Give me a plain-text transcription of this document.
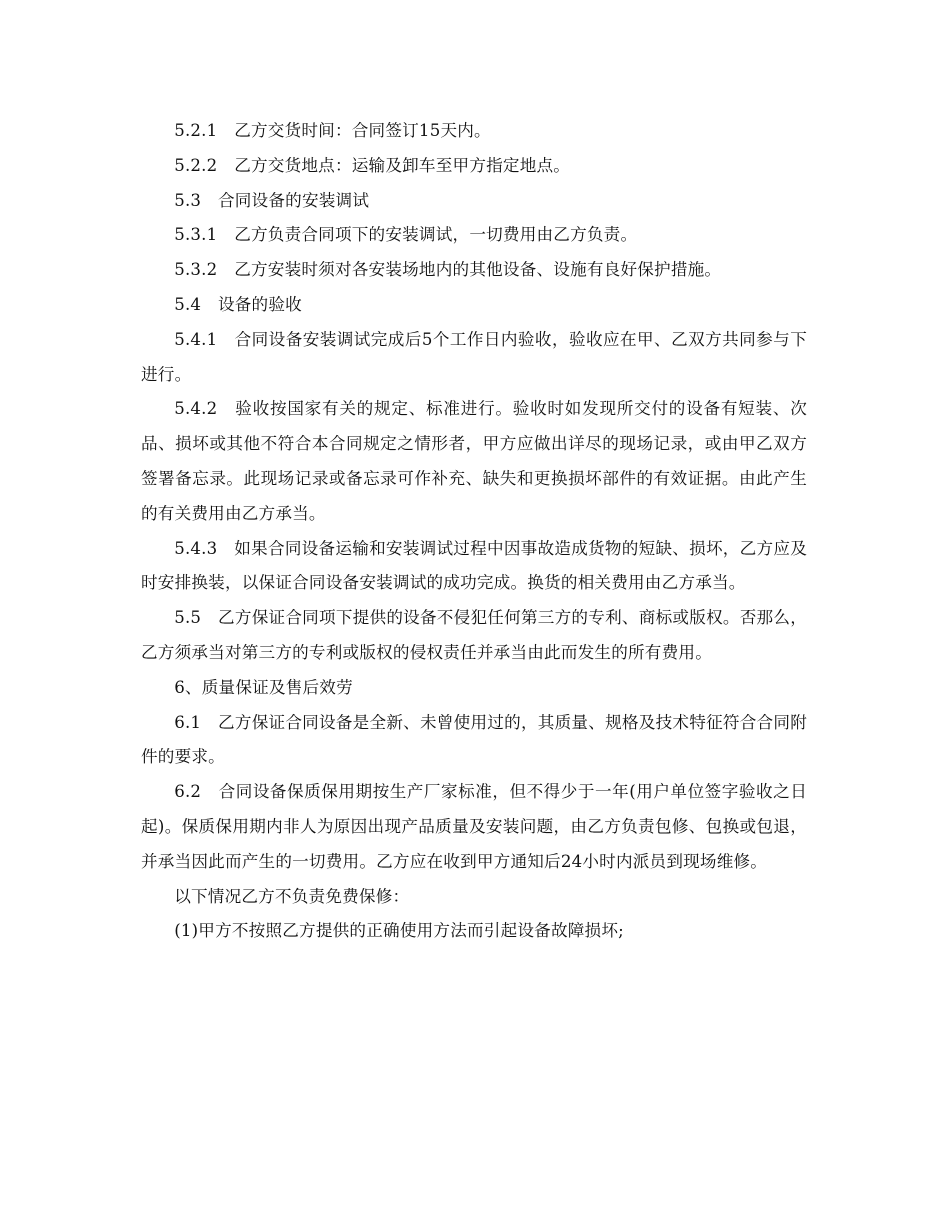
5.2.1　乙方交货时间：合同签订15天内。

5.2.2　乙方交货地点：运输及卸车至甲方指定地点。

5.3　合同设备的安装调试

5.3.1　乙方负责合同项下的安装调试，一切费用由乙方负责。

5.3.2　乙方安装时须对各安装场地内的其他设备、设施有良好保护措施。

5.4　设备的验收

5.4.1　合同设备安装调试完成后5个工作日内验收，验收应在甲、乙双方共同参与下进行。

5.4.2　验收按国家有关的规定、标准进行。验收时如发现所交付的设备有短装、次品、损坏或其他不符合本合同规定之情形者，甲方应做出详尽的现场记录，或由甲乙双方签署备忘录。此现场记录或备忘录可作补充、缺失和更换损坏部件的有效证据。由此产生的有关费用由乙方承当。

5.4.3　如果合同设备运输和安装调试过程中因事故造成货物的短缺、损坏，乙方应及时安排换装，以保证合同设备安装调试的成功完成。换货的相关费用由乙方承当。

5.5　乙方保证合同项下提供的设备不侵犯任何第三方的专利、商标或版权。否那么，乙方须承当对第三方的专利或版权的侵权责任并承当由此而发生的所有费用。

6、质量保证及售后效劳

6.1　乙方保证合同设备是全新、未曾使用过的，其质量、规格及技术特征符合合同附件的要求。

6.2　合同设备保质保用期按生产厂家标准，但不得少于一年(用户单位签字验收之日起)。保质保用期内非人为原因出现产品质量及安装问题，由乙方负责包修、包换或包退，并承当因此而产生的一切费用。乙方应在收到甲方通知后24小时内派员到现场维修。

以下情况乙方不负责免费保修：

(1)甲方不按照乙方提供的正确使用方法而引起设备故障损坏;
